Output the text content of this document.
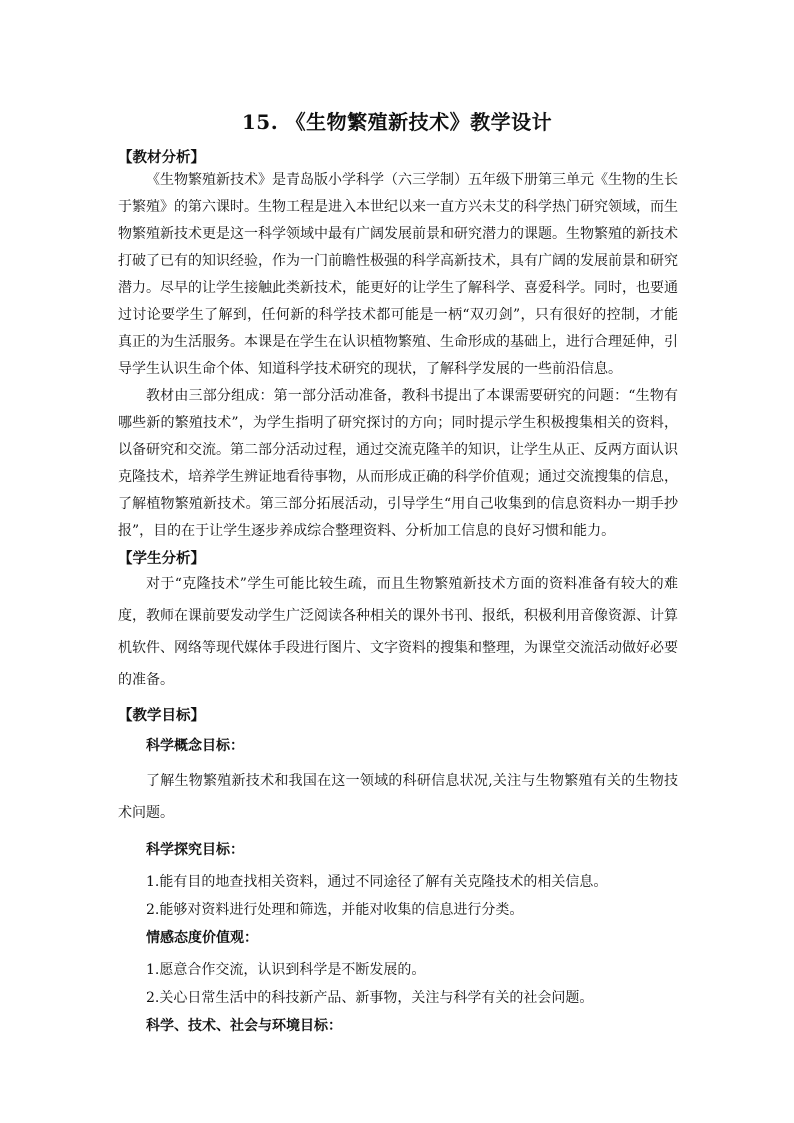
15. 《生物繁殖新技术》教学设计

【教材分析】

《生物繁殖新技术》是青岛版小学科学（六三学制）五年级下册第三单元《生物的生长于繁殖》的第六课时。生物工程是进入本世纪以来一直方兴未艾的科学热门研究领域，而生物繁殖新技术更是这一科学领域中最有广阔发展前景和研究潜力的课题。生物繁殖的新技术打破了已有的知识经验，作为一门前瞻性极强的科学高新技术，具有广阔的发展前景和研究潜力。尽早的让学生接触此类新技术，能更好的让学生了解科学、喜爱科学。同时，也要通过讨论要学生了解到，任何新的科学技术都可能是一柄“双刃剑”，只有很好的控制，才能真正的为生活服务。本课是在学生在认识植物繁殖、生命形成的基础上，进行合理延伸，引导学生认识生命个体、知道科学技术研究的现状，了解科学发展的一些前沿信息。

教材由三部分组成：第一部分活动准备，教科书提出了本课需要研究的问题：“生物有哪些新的繁殖技术”，为学生指明了研究探讨的方向；同时提示学生积极搜集相关的资料，以备研究和交流。第二部分活动过程，通过交流克隆羊的知识，让学生从正、反两方面认识克隆技术，培养学生辨证地看待事物，从而形成正确的科学价值观；通过交流搜集的信息，了解植物繁殖新技术。第三部分拓展活动，引导学生“用自己收集到的信息资料办一期手抄报”，目的在于让学生逐步养成综合整理资料、分析加工信息的良好习惯和能力。

【学生分析】

对于“克隆技术”学生可能比较生疏，而且生物繁殖新技术方面的资料准备有较大的难度，教师在课前要发动学生广泛阅读各种相关的课外书刊、报纸，积极利用音像资源、计算机软件、网络等现代媒体手段进行图片、文字资料的搜集和整理，为课堂交流活动做好必要的准备。

【教学目标】

科学概念目标：

了解生物繁殖新技术和我国在这一领域的科研信息状况,关注与生物繁殖有关的生物技术问题。

科学探究目标：

1.能有目的地查找相关资料，通过不同途径了解有关克隆技术的相关信息。

2.能够对资料进行处理和筛选，并能对收集的信息进行分类。

情感态度价值观：

1.愿意合作交流，认识到科学是不断发展的。

2.关心日常生活中的科技新产品、新事物，关注与科学有关的社会问题。

科学、技术、社会与环境目标：
